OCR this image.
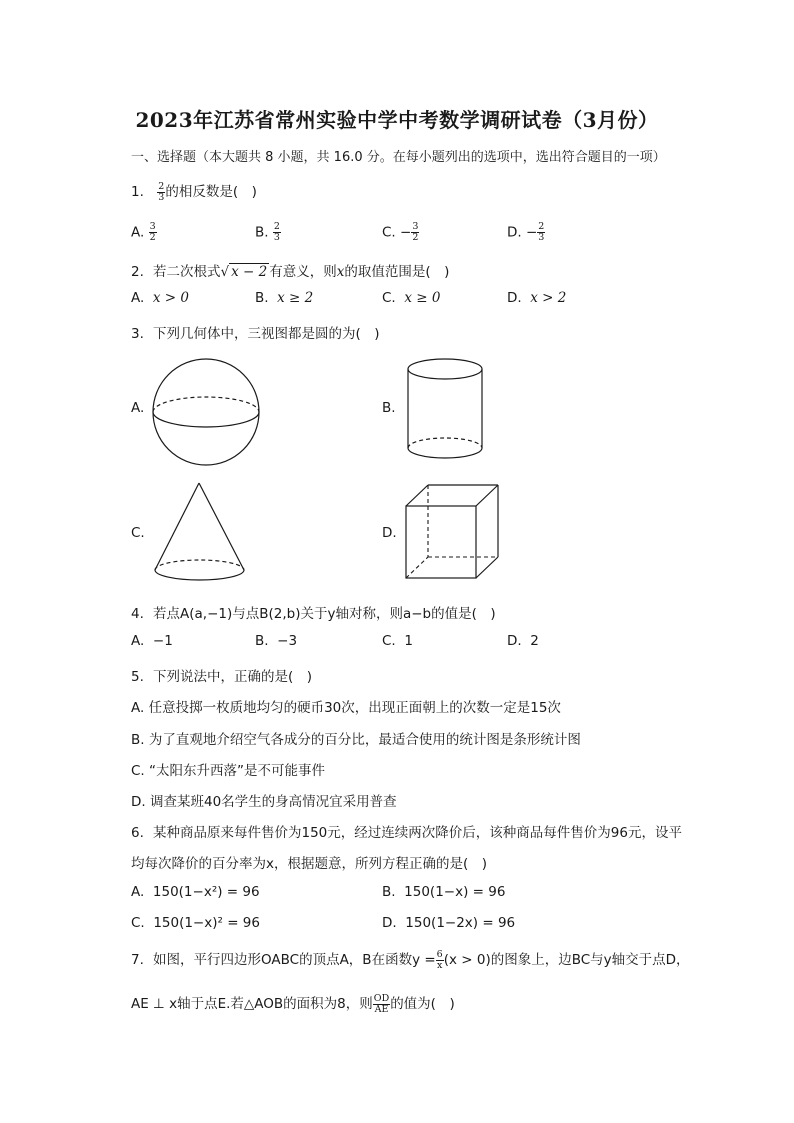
2023年江苏省常州实验中学中考数学调研试卷（3月份）
一、选择题（本大题共 8 小题，共 16.0 分。在每小题列出的选项中，选出符合题目的一项）
1. $\frac{2}{3}$ 的相反数是(　)
A. $\frac{3}{2}$	B. $\frac{2}{3}$	C. − $\frac{3}{2}$	D. − $\frac{2}{3}$
2. 若二次根式√ x − 2 有意义，则x的取值范围是(　)
A. x > 0	B. x ≥ 2	C. x ≥ 0	D. x > 2
3. 下列几何体中，三视图都是圆的为(　)
A.	B.
C.	D.
4. 若点A(a,−1)与点B(2,b)关于y轴对称，则a−b的值是(　)
A. −1	B. −3	C. 1	D. 2
5. 下列说法中，正确的是(　)
A. 任意投掷一枚质地均匀的硬币30次，出现正面朝上的次数一定是15次
B. 为了直观地介绍空气各成分的百分比，最适合使用的统计图是条形统计图
C. “太阳东升西落”是不可能事件
D. 调查某班40名学生的身高情况宜采用普查
6. 某种商品原来每件售价为150元，经过连续两次降价后，该种商品每件售价为96元，设平
均每次降价的百分率为x，根据题意，所列方程正确的是(　)
A. 150(1−x²) = 96	B. 150(1−x) = 96
C. 150(1−x)² = 96	D. 150(1−2x) = 96
7. 如图，平行四边形OABC的顶点A，B在函数$y = \frac{6}{x} (x > 0)$的图象上，边BC与y轴交于点D，
AE ⊥ x轴于点E.若△AOB的面积为8，则 $\frac{OD}{AE}$ 的值为(　)
